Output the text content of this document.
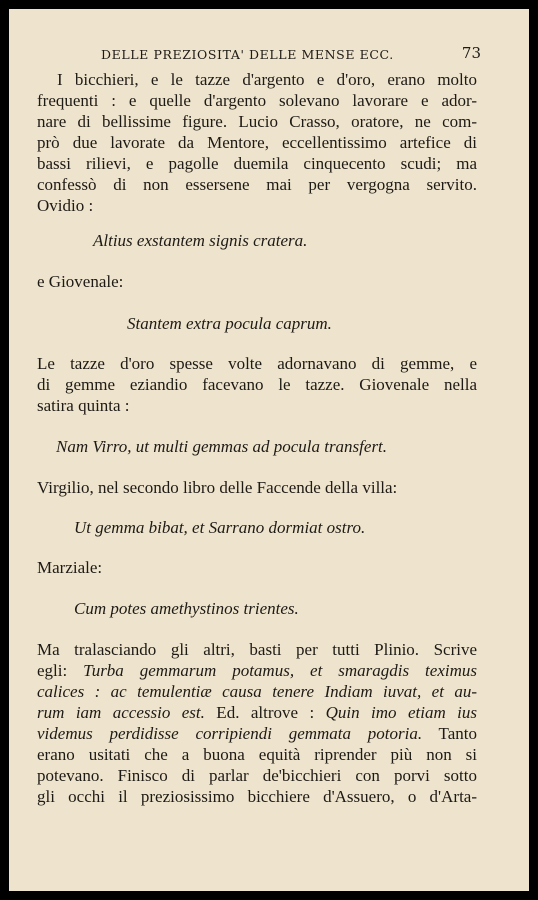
DELLE PREZIOSITA' DELLE MENSE ECC.	73
I bicchieri, e le tazze d'argento e d'oro, erano molto
frequenti : e quelle d'argento solevano lavorare e ador-
nare di bellissime figure. Lucio Crasso, oratore, ne com-
prò due lavorate da Mentore, eccellentissimo artefice di
bassi rilievi, e pagolle duemila cinquecento scudi; ma
confessò di non essersene mai per vergogna servito.
Ovidio :
Altius exstantem signis cratera.
e Giovenale:
Stantem extra pocula caprum.
Le tazze d'oro spesse volte adornavano di gemme, e
di gemme eziandio facevano le tazze. Giovenale nella
satira quinta :
Nam Virro, ut multi gemmas ad pocula transfert.
Virgilio, nel secondo libro delle Faccende della villa:
Ut gemma bibat, et Sarrano dormiat ostro.
Marziale:
Cum potes amethystinos trientes.
Ma tralasciando gli altri, basti per tutti Plinio. Scrive
egli: Turba gemmarum potamus, et smaragdis teximus
calices : ac temulentiæ causa tenere Indiam iuvat, et au-
rum iam accessio est. Ed. altrove : Quin imo etiam ius
videmus perdidisse corripiendi gemmata potoria. Tanto
erano usitati che a buona equità riprender più non si
potevano. Finisco di parlar de'bicchieri con porvi sotto
gli occhi il preziosissimo bicchiere d'Assuero, o d'Arta-
